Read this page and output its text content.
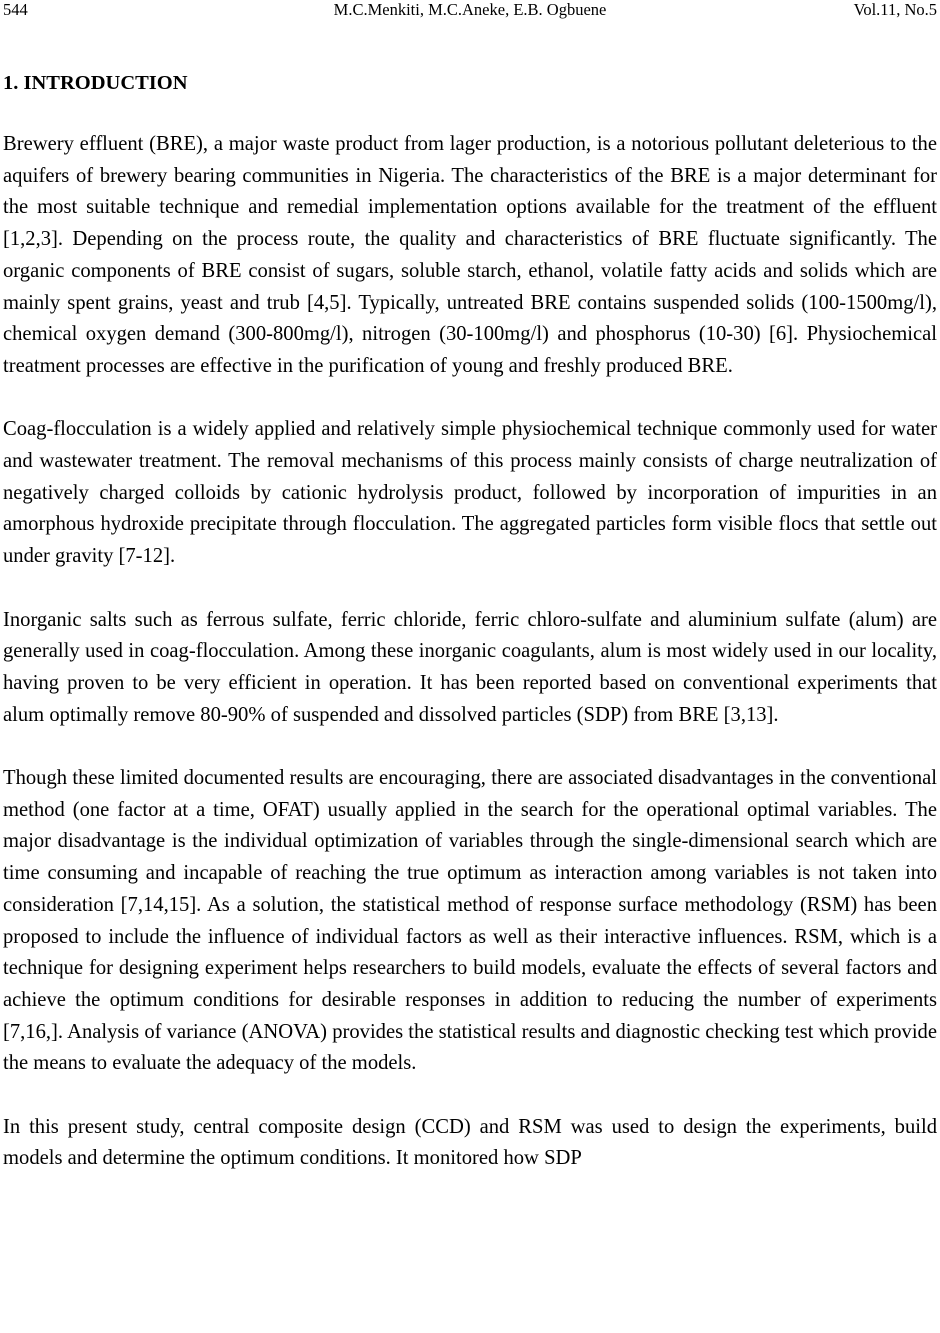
544	M.C.Menkiti, M.C.Aneke, E.B. Ogbuene	Vol.11, No.5
1. INTRODUCTION

Brewery effluent (BRE), a major waste product from lager production, is a notorious pollutant deleterious to the aquifers of brewery bearing communities in Nigeria. The characteristics of the BRE is a major determinant for the most suitable technique and remedial implementation options available for the treatment of the effluent [1,2,3]. Depending on the process route, the quality and characteristics of BRE fluctuate significantly. The organic components of BRE consist of sugars, soluble starch, ethanol, volatile fatty acids and solids which are mainly spent grains, yeast and trub [4,5]. Typically, untreated BRE contains suspended solids (100-1500mg/l), chemical oxygen demand (300-800mg/l), nitrogen (30-100mg/l) and phosphorus (10-30) [6]. Physiochemical treatment processes are effective in the purification of young and freshly produced BRE.

Coag-flocculation is a widely applied and relatively simple physiochemical technique commonly used for water and wastewater treatment. The removal mechanisms of this process mainly consists of charge neutralization of negatively charged colloids by cationic hydrolysis product, followed by incorporation of impurities in an amorphous hydroxide precipitate through flocculation. The aggregated particles form visible flocs that settle out under gravity [7-12].

Inorganic salts such as ferrous sulfate, ferric chloride, ferric chloro-sulfate and aluminium sulfate (alum) are generally used in coag-flocculation. Among these inorganic coagulants, alum is most widely used in our locality, having proven to be very efficient in operation. It has been reported based on conventional experiments that alum optimally remove 80-90% of suspended and dissolved particles (SDP) from BRE [3,13].

Though these limited documented results are encouraging, there are associated disadvantages in the conventional method (one factor at a time, OFAT) usually applied in the search for the operational optimal variables. The major disadvantage is the individual optimization of variables through the single-dimensional search which are time consuming and incapable of reaching the true optimum as interaction among variables is not taken into consideration [7,14,15]. As a solution, the statistical method of response surface methodology (RSM) has been proposed to include the influence of individual factors as well as their interactive influences. RSM, which is a technique for designing experiment helps researchers to build models, evaluate the effects of several factors and achieve the optimum conditions for desirable responses in addition to reducing the number of experiments [7,16,]. Analysis of variance (ANOVA) provides the statistical results and diagnostic checking test which provide the means to evaluate the adequacy of the models.

In this present study, central composite design (CCD) and RSM was used to design the experiments, build models and determine the optimum conditions. It monitored how SDP
